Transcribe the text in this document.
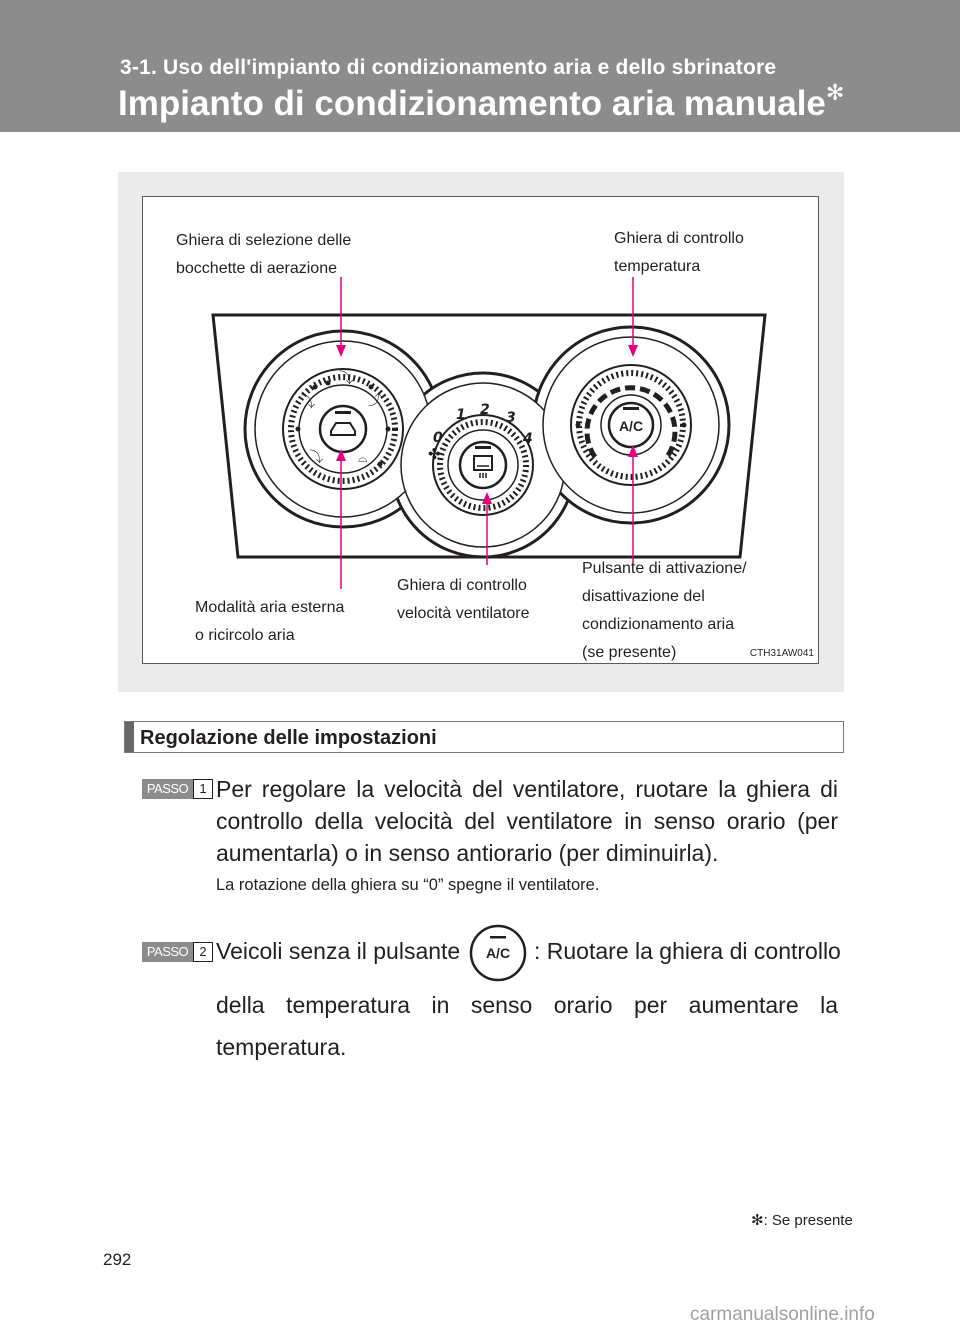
3-1. Uso dell'impianto di condizionamento aria e dello sbrinatore
Impianto di condizionamento aria manuale✻
⤵
⤵
⤴
⤵	⌓
0
1 2 3
4
✤
A/C
Ghiera di selezione delle
bocchette di aerazione
Ghiera di controllo
temperatura
Modalità aria esterna
o ricircolo aria
Ghiera di controllo
velocità ventilatore
Pulsante di attivazione/
disattivazione del
condizionamento aria
(se presente)	CTH31AW041
Regolazione delle impostazioni
PASSO 1 Per regolare la velocità del ventilatore, ruotare la ghiera di controllo della velocità del ventilatore in senso orario (per aumentarla) o in senso antiorario (per diminuirla).
La rotazione della ghiera su “0” spegne il ventilatore.
PASSO 2 Veicoli senza il pulsante A/C : Ruotare la ghiera di controllo
della temperatura in senso orario per aumentare la temperatura.
✻: Se presente
292
carmanualsonline.info
